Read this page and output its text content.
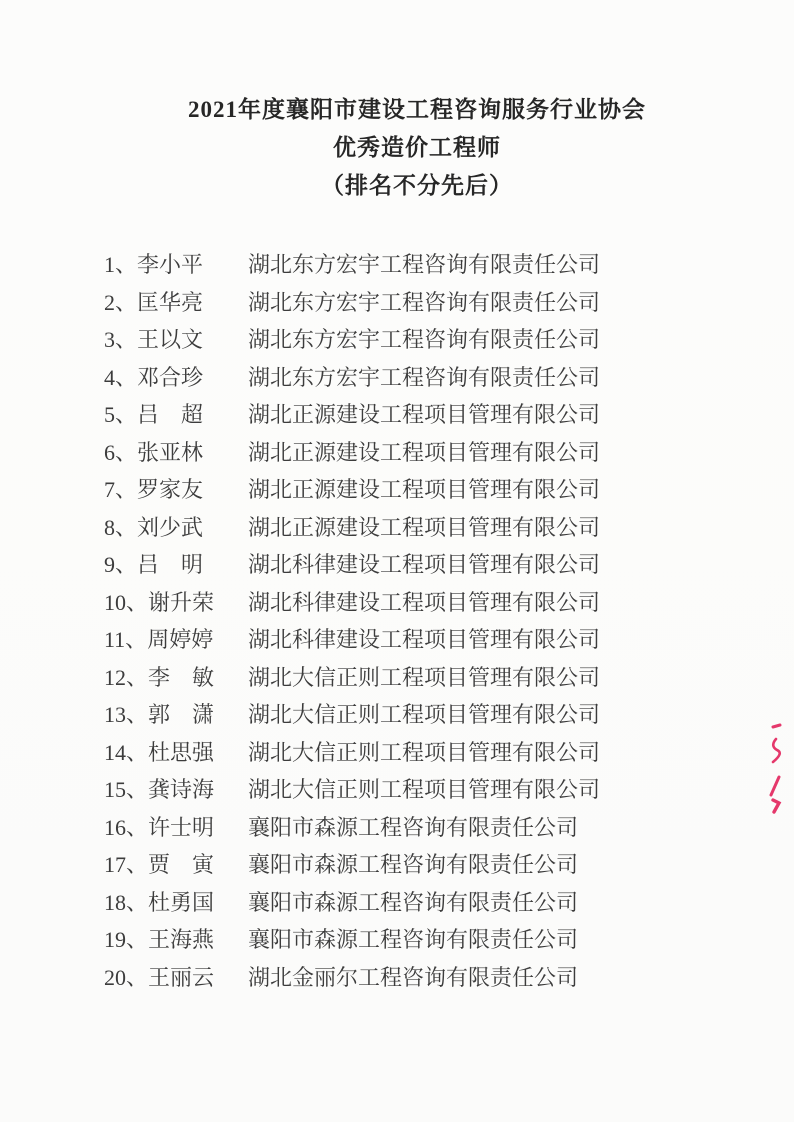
2021年度襄阳市建设工程咨询服务行业协会
优秀造价工程师
（排名不分先后）
1、李小平	湖北东方宏宇工程咨询有限责任公司
2、匡华亮	湖北东方宏宇工程咨询有限责任公司
3、王以文	湖北东方宏宇工程咨询有限责任公司
4、邓合珍	湖北东方宏宇工程咨询有限责任公司
5、吕　超	湖北正源建设工程项目管理有限公司
6、张亚林	湖北正源建设工程项目管理有限公司
7、罗家友	湖北正源建设工程项目管理有限公司
8、刘少武	湖北正源建设工程项目管理有限公司
9、吕　明	湖北科律建设工程项目管理有限公司
10、谢升荣	湖北科律建设工程项目管理有限公司
11、周婷婷	湖北科律建设工程项目管理有限公司
12、李　敏	湖北大信正则工程项目管理有限公司
13、郭　潇	湖北大信正则工程项目管理有限公司
14、杜思强	湖北大信正则工程项目管理有限公司
15、龚诗海	湖北大信正则工程项目管理有限公司
16、许士明	襄阳市森源工程咨询有限责任公司
17、贾　寅	襄阳市森源工程咨询有限责任公司
18、杜勇国	襄阳市森源工程咨询有限责任公司
19、王海燕	襄阳市森源工程咨询有限责任公司
20、王丽云	湖北金丽尔工程咨询有限责任公司
